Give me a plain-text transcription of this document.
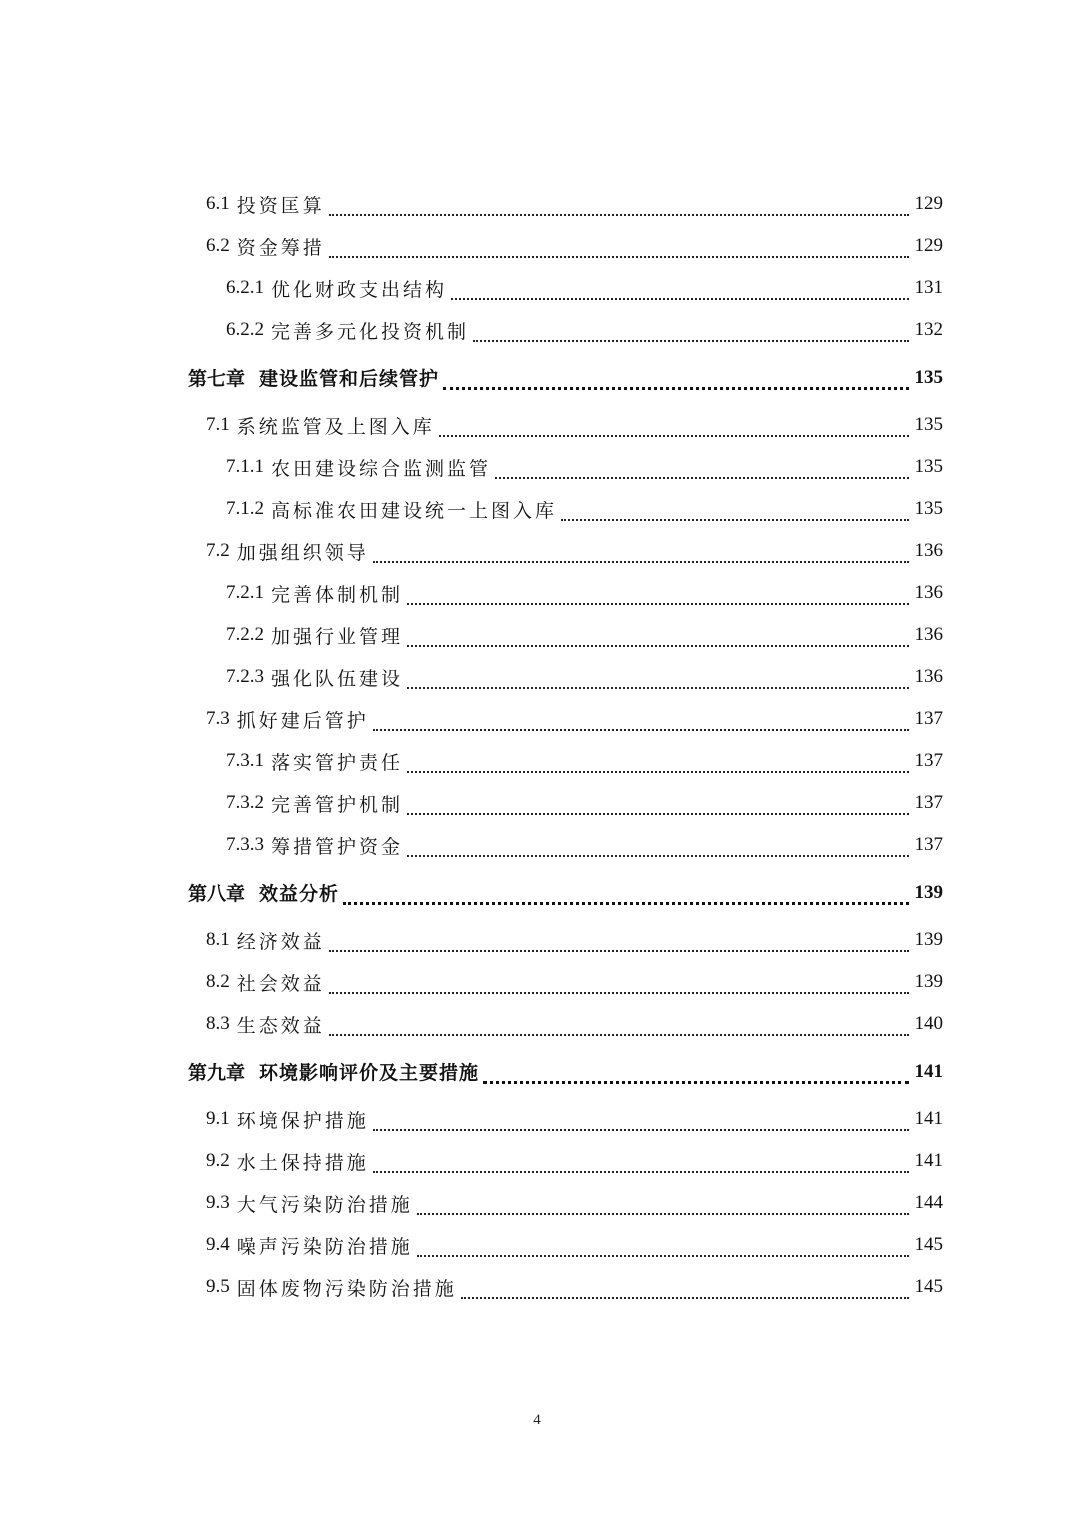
6.1 投资匡算	129
6.2 资金筹措	129
6.2.1 优化财政支出结构	131
6.2.2 完善多元化投资机制	132
第七章 建设监管和后续管护	135
7.1 系统监管及上图入库	135
7.1.1 农田建设综合监测监管	135
7.1.2 高标准农田建设统一上图入库	135
7.2 加强组织领导	136
7.2.1 完善体制机制	136
7.2.2 加强行业管理	136
7.2.3 强化队伍建设	136
7.3 抓好建后管护	137
7.3.1 落实管护责任	137
7.3.2 完善管护机制	137
7.3.3 筹措管护资金	137
第八章 效益分析	139
8.1 经济效益	139
8.2 社会效益	139
8.3 生态效益	140
第九章 环境影响评价及主要措施	141
9.1 环境保护措施	141
9.2 水土保持措施	141
9.3 大气污染防治措施	144
9.4 噪声污染防治措施	145
9.5 固体废物污染防治措施	145
4
